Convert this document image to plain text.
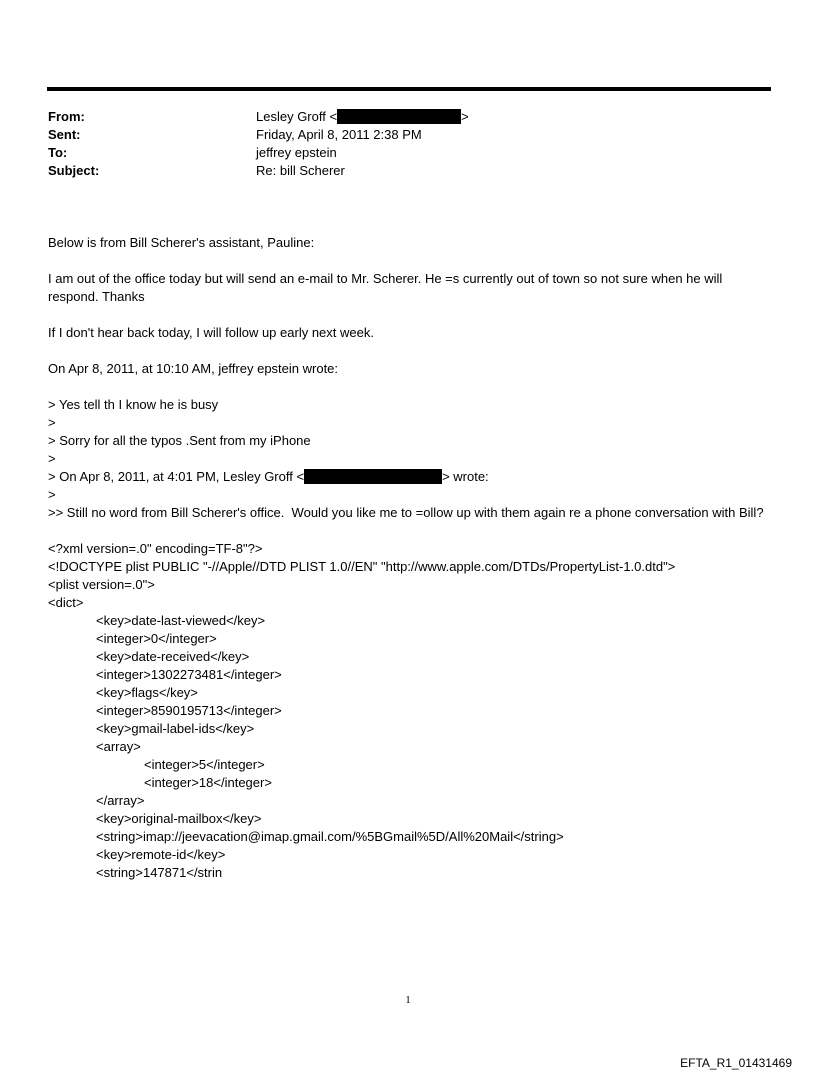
From:	Lesley Groff <	>
Sent:	Friday, April 8, 2011 2:38 PM
To:	jeffrey epstein
Subject:	Re: bill Scherer

Below is from Bill Scherer's assistant, Pauline:

I am out of the office today but will send an e-mail to Mr. Scherer. He =s currently out of town so not sure when he will respond. Thanks

If I don't hear back today, I will follow up early next week.

On Apr 8, 2011, at 10:10 AM, jeffrey epstein wrote:

> Yes tell th I know he is busy

>

> Sorry for all the typos .Sent from my iPhone

>

> On Apr 8, 2011, at 4:01 PM, Lesley Groff <	> wrote:

>

>> Still no word from Bill Scherer's office.  Would you like me to =ollow up with them again re a phone conversation with Bill?

<?xml version=.0" encoding=TF-8"?>

<!DOCTYPE plist PUBLIC "-//Apple//DTD PLIST 1.0//EN" "http://www.apple.com/DTDs/PropertyList-1.0.dtd">

<plist version=.0">

<dict>

<key>date-last-viewed</key>

<integer>0</integer>

<key>date-received</key>

<integer>1302273481</integer>

<key>flags</key>

<integer>8590195713</integer>

<key>gmail-label-ids</key>

<array>

<integer>5</integer>

<integer>18</integer>

</array>

<key>original-mailbox</key>

<string>imap://jeevacation@imap.gmail.com/%5BGmail%5D/All%20Mail</string>

<key>remote-id</key>

<string>147871</strin

1
EFTA_R1_01431469
